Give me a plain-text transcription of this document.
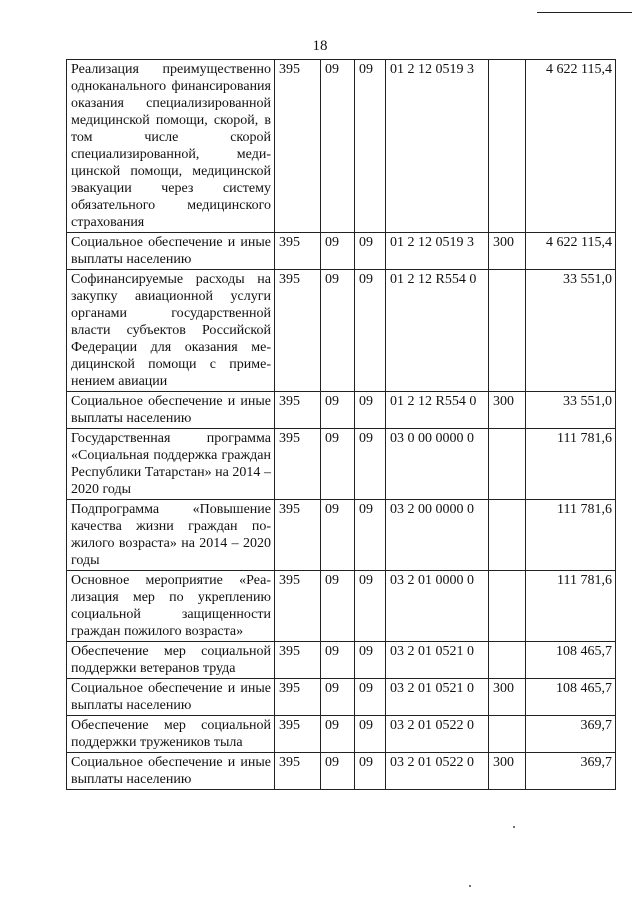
18
Реализация преимущественно одноканального финансирования оказания специализированной медицинской помощи, скорой, в том числе скорой специализированной, медицинской помощи, медицинской эвакуации через систему обязательного медицинского страхования	395	09	09	01 2 12 0519 3		4 622 115,4
Социальное обеспечение и иные выплаты населению	395	09	09	01 2 12 0519 3	300	4 622 115,4
Софинансируемые расходы на закупку авиационной услуги органами государственной власти субъектов Российской Федерации для оказания медицинской помощи с применением авиации	395	09	09	01 2 12 R554 0		33 551,0
Социальное обеспечение и иные выплаты населению	395	09	09	01 2 12 R554 0	300	33 551,0
Государственная программа «Социальная поддержка граждан Республики Татарстан» на 2014 – 2020 годы	395	09	09	03 0 00 0000 0		111 781,6
Подпрограмма «Повышение качества жизни граждан пожилого возраста» на 2014 – 2020 годы	395	09	09	03 2 00 0000 0		111 781,6
Основное мероприятие «Реализация мер по укреплению социальной защищенности граждан пожилого возраста»	395	09	09	03 2 01 0000 0		111 781,6
Обеспечение мер социальной поддержки ветеранов труда	395	09	09	03 2 01 0521 0		108 465,7
Социальное обеспечение и иные выплаты населению	395	09	09	03 2 01 0521 0	300	108 465,7
Обеспечение мер социальной поддержки тружеников тыла	395	09	09	03 2 01 0522 0		369,7
Социальное обеспечение и иные выплаты населению	395	09	09	03 2 01 0522 0	300	369,7
